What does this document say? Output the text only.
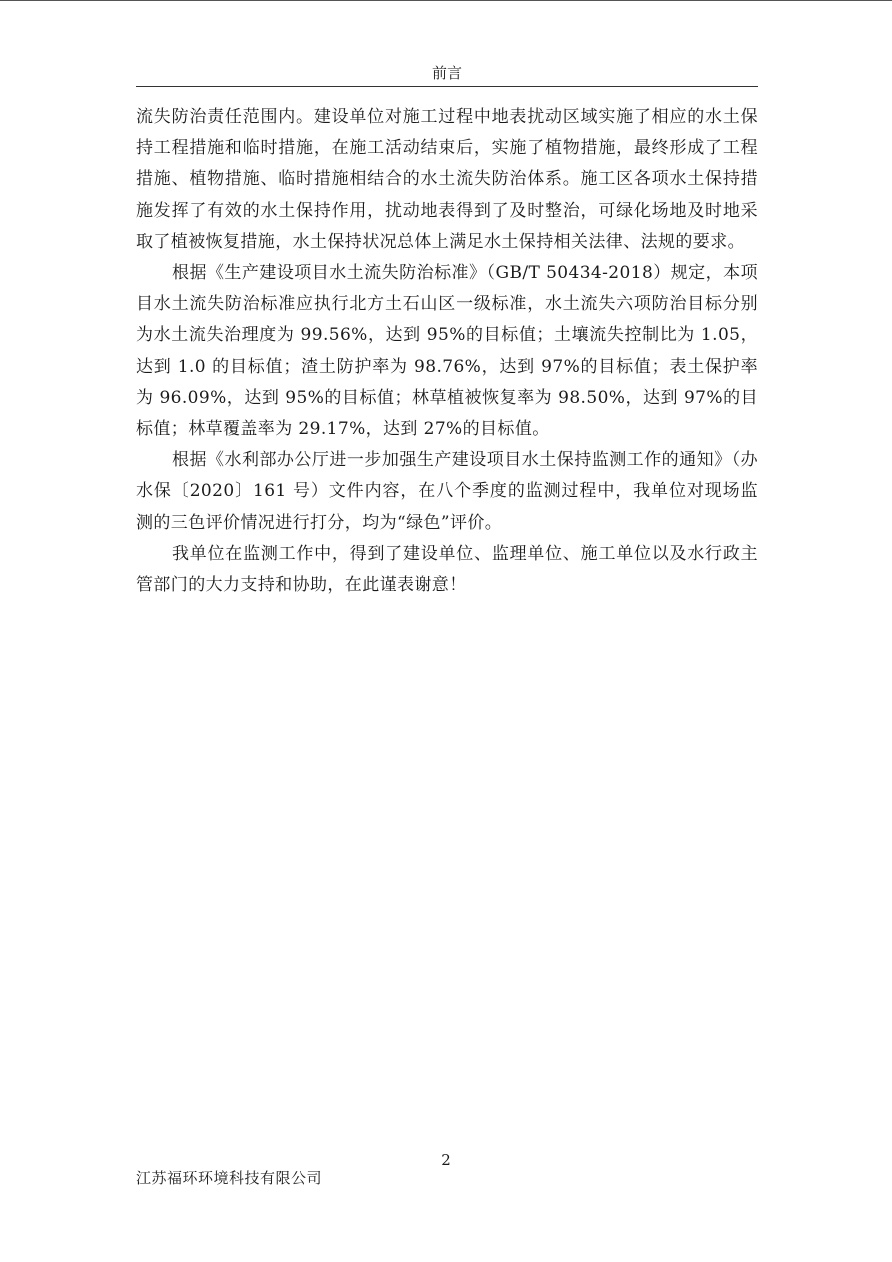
前言

流失防治责任范围内。建设单位对施工过程中地表扰动区域实施了相应的水土保持工程措施和临时措施，在施工活动结束后，实施了植物措施，最终形成了工程措施、植物措施、临时措施相结合的水土流失防治体系。施工区各项水土保持措施发挥了有效的水土保持作用，扰动地表得到了及时整治，可绿化场地及时地采取了植被恢复措施，水土保持状况总体上满足水土保持相关法律、法规的要求。

根据《生产建设项目水土流失防治标准》（GB/T 50434-2018）规定，本项目水土流失防治标准应执行北方土石山区一级标准，水土流失六项防治目标分别为水土流失治理度为 99.56%，达到 95%的目标值；土壤流失控制比为 1.05，达到 1.0 的目标值；渣土防护率为 98.76%，达到 97%的目标值；表土保护率为 96.09%，达到 95%的目标值；林草植被恢复率为 98.50%，达到 97%的目标值；林草覆盖率为 29.17%，达到 27%的目标值。

根据《水利部办公厅进一步加强生产建设项目水土保持监测工作的通知》（办水保〔2020〕161 号）文件内容，在八个季度的监测过程中，我单位对现场监测的三色评价情况进行打分，均为“绿色”评价。

我单位在监测工作中，得到了建设单位、监理单位、施工单位以及水行政主管部门的大力支持和协助，在此谨表谢意！

2
江苏福环环境科技有限公司
